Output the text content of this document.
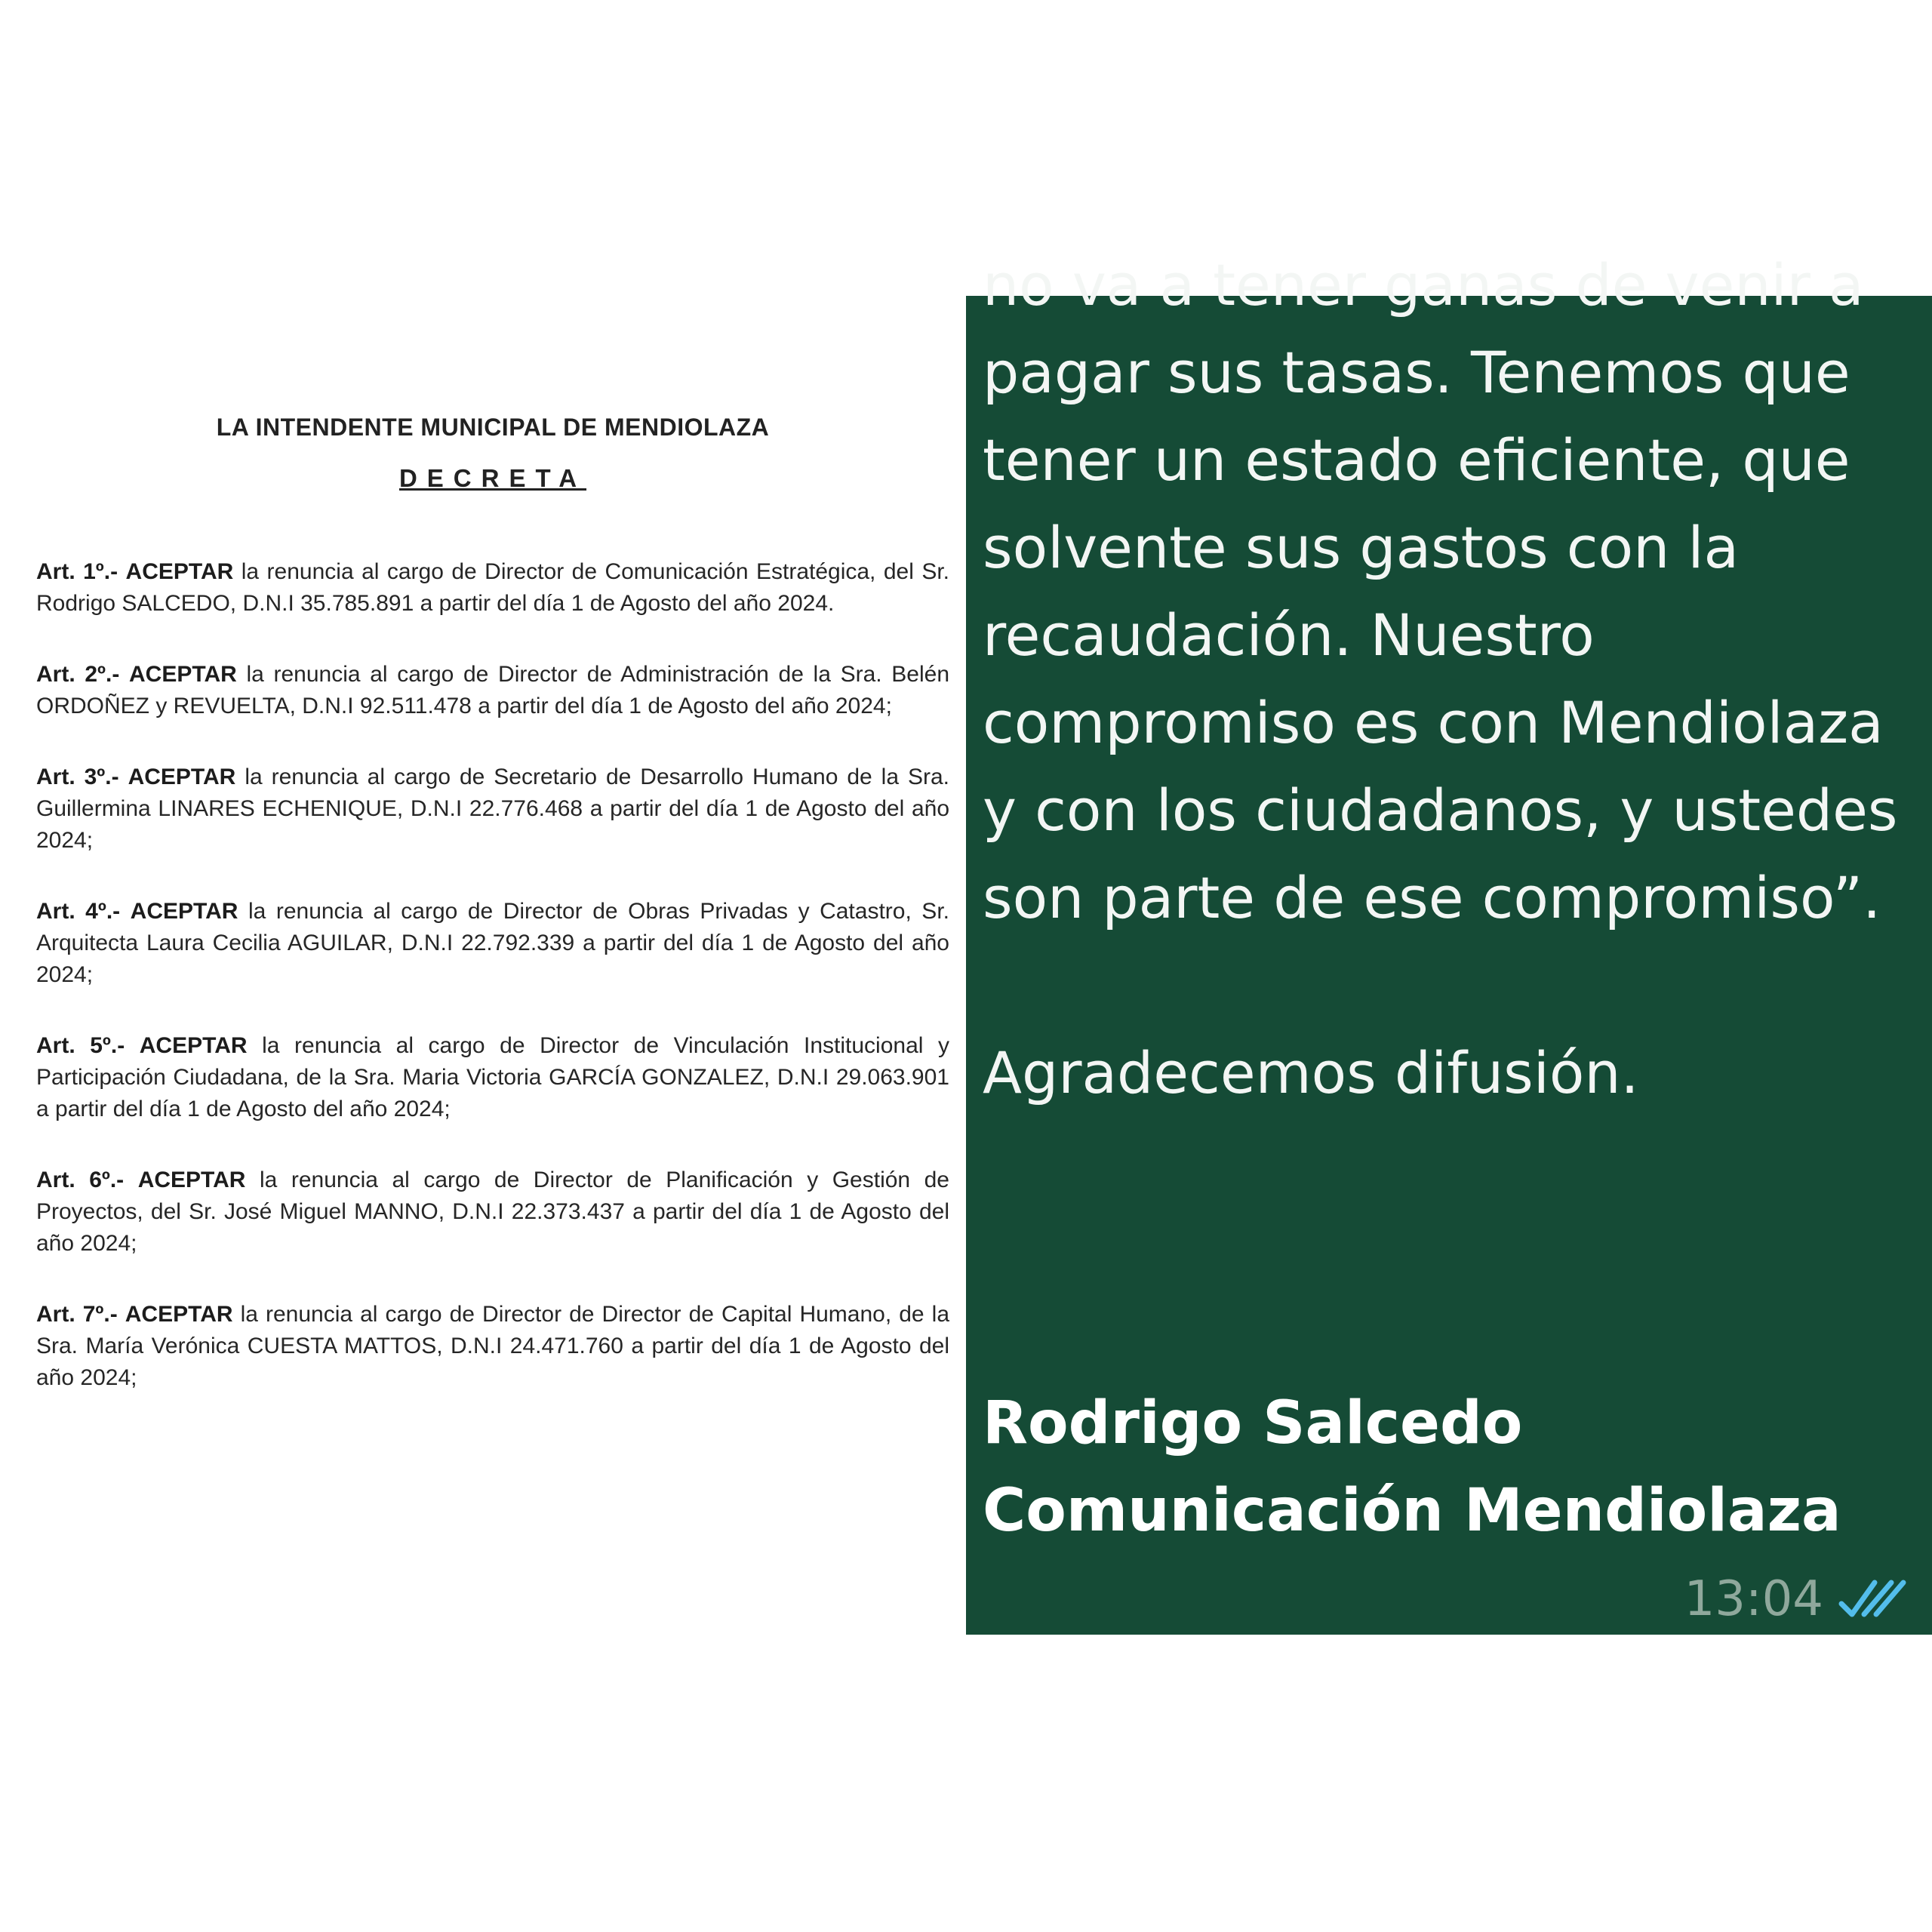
LA INTENDENTE MUNICIPAL DE MENDIOLAZA
DECRETA

Art. 1º.- ACEPTAR la renuncia al cargo de Director de Comunicación Estratégica, del Sr. Rodrigo SALCEDO, D.N.I 35.785.891 a partir del día 1 de Agosto del año 2024.

Art. 2º.- ACEPTAR la renuncia al cargo de Director de Administración de la Sra. Belén ORDOÑEZ y REVUELTA, D.N.I 92.511.478 a partir del día 1 de Agosto del año 2024;

Art. 3º.- ACEPTAR la renuncia al cargo de Secretario de Desarrollo Humano de la Sra. Guillermina LINARES ECHENIQUE, D.N.I 22.776.468 a partir del día 1 de Agosto del año 2024;

Art. 4º.- ACEPTAR la renuncia al cargo de Director de Obras Privadas y Catastro, Sr. Arquitecta Laura Cecilia AGUILAR, D.N.I 22.792.339 a partir del día 1 de Agosto del año 2024;

Art. 5º.- ACEPTAR la renuncia al cargo de Director de Vinculación Institucional y Participación Ciudadana, de la Sra. Maria Victoria GARCÍA GONZALEZ, D.N.I 29.063.901 a partir del día 1 de Agosto del año 2024;

Art. 6º.- ACEPTAR la renuncia al cargo de Director de Planificación y Gestión de Proyectos, del Sr. José Miguel MANNO, D.N.I 22.373.437 a partir del día 1 de Agosto del año 2024;

Art. 7º.- ACEPTAR la renuncia al cargo de Director de Director de Capital Humano, de la Sra. María Verónica CUESTA MATTOS, D.N.I 24.471.760 a partir del día 1 de Agosto del año 2024;

no va a tener ganas de venir a
pagar sus tasas. Tenemos que tener un estado eficiente, que solvente sus gastos con la recaudación. Nuestro compromiso es con Mendiolaza y con los ciudadanos, y ustedes son parte de ese compromiso”.
Agradecemos difusión.
Rodrigo Salcedo
Comunicación Mendiolaza
13:04
